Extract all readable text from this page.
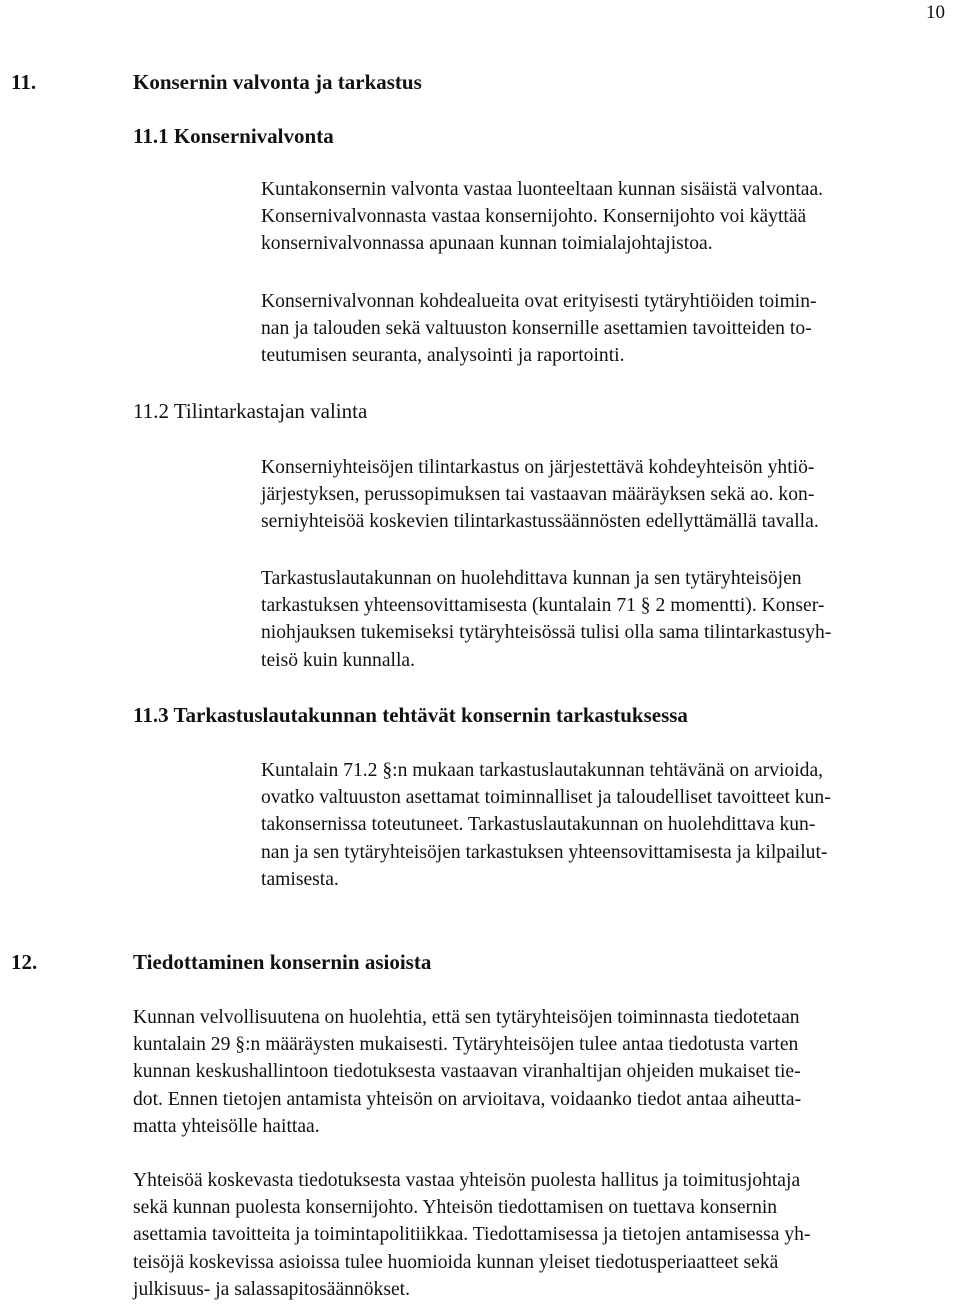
10
11.	Konsernin valvonta ja tarkastus
11.1 Konsernivalvonta
Kuntakonsernin valvonta vastaa luonteeltaan kunnan sisäistä valvontaa.
Konsernivalvonnasta vastaa konsernijohto. Konsernijohto voi käyttää
konsernivalvonnassa apunaan kunnan toimialajohtajistoa.
Konsernivalvonnan kohdealueita ovat erityisesti tytäryhtiöiden toimin-
nan ja talouden sekä valtuuston konsernille asettamien tavoitteiden to-
teutumisen seuranta, analysointi ja raportointi.
11.2 Tilintarkastajan valinta
Konserniyhteisöjen tilintarkastus on järjestettävä kohdeyhteisön yhtiö-
järjestyksen, perussopimuksen tai vastaavan määräyksen sekä ao. kon-
serniyhteisöä koskevien tilintarkastussäännösten edellyttämällä tavalla.
Tarkastuslautakunnan on huolehdittava kunnan ja sen tytäryhteisöjen
tarkastuksen yhteensovittamisesta (kuntalain 71 § 2 momentti). Konser-
niohjauksen tukemiseksi tytäryhteisössä tulisi olla sama tilintarkastusyh-
teisö kuin kunnalla.
11.3 Tarkastuslautakunnan tehtävät konsernin tarkastuksessa
Kuntalain 71.2 §:n mukaan tarkastuslautakunnan tehtävänä on arvioida,
ovatko valtuuston asettamat toiminnalliset ja taloudelliset tavoitteet kun-
takonsernissa toteutuneet. Tarkastuslautakunnan on huolehdittava kun-
nan ja sen tytäryhteisöjen tarkastuksen yhteensovittamisesta ja kilpailut-
tamisesta.
12.	Tiedottaminen konsernin asioista
Kunnan velvollisuutena on huolehtia, että sen tytäryhteisöjen toiminnasta tiedotetaan
kuntalain 29 §:n määräysten mukaisesti. Tytäryhteisöjen tulee antaa tiedotusta varten
kunnan keskushallintoon tiedotuksesta vastaavan viranhaltijan ohjeiden mukaiset tie-
dot. Ennen tietojen antamista yhteisön on arvioitava, voidaanko tiedot antaa aiheutta-
matta yhteisölle haittaa.
Yhteisöä koskevasta tiedotuksesta vastaa yhteisön puolesta hallitus ja toimitusjohtaja
sekä kunnan puolesta konsernijohto. Yhteisön tiedottamisen on tuettava konsernin
asettamia tavoitteita ja toimintapolitiikkaa. Tiedottamisessa ja tietojen antamisessa yh-
teisöjä koskevissa asioissa tulee huomioida kunnan yleiset tiedotusperiaatteet sekä
julkisuus- ja salassapitosäännökset.
